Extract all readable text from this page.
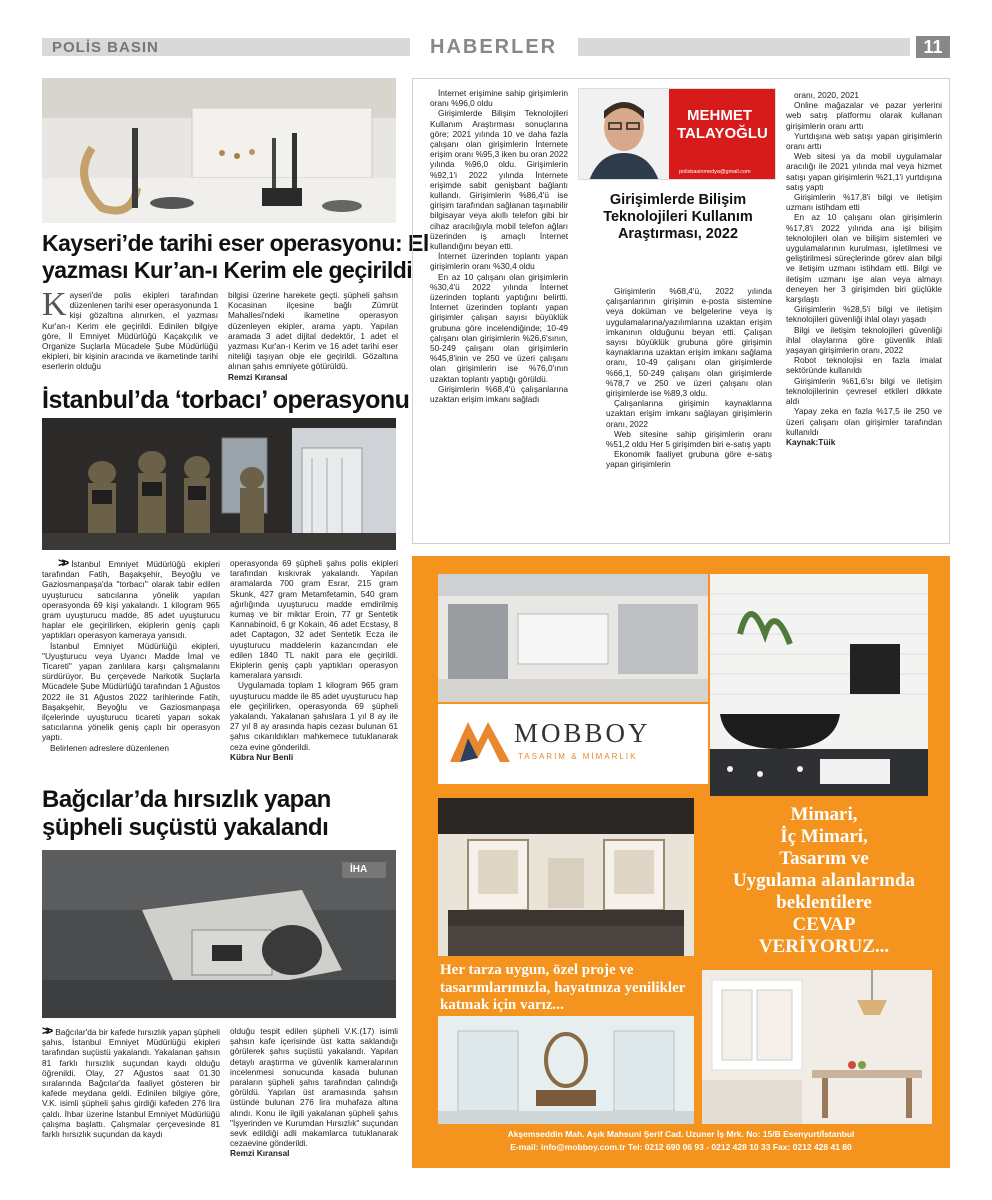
POLİS BASIN	HABERLER	11
Kayseri’de tarihi eser operasyonu: El
yazması Kur’an-ı Kerim ele geçirildi
K ayseri'de polis ekipleri tarafından düzenlenen tarihi eser operasyonunda 1 kişi gözaltına alınırken, el yazması Kur'an-ı Kerim ele geçirildi. Edinilen bilgiye göre, İl Emniyet Müdürlüğü Kaçakçılık ve Organize Suçlarla Mücadele Şube Müdürlüğü ekipleri, bir kişinin aracında ve ikametinde tarihi eserlerin olduğu
bilgisi üzerine harekete geçti. şüpheli şahsın Kocasinan ilçesine bağlı Zümrüt Mahallesi'ndeki ikametine operasyon düzenleyen ekipler, arama yaptı. Yapılan aramada 3 adet dijital dedektör, 1 adet el yazması Kur'an-ı Kerim ve 16 adet tarihi eser niteliği taşıyan obje ele geçirildi. Gözaltına alınan şahıs emniyete götürüldü.
Remzi Kıransal
İstanbul’da ‘torbacı’ operasyonu

>> İstanbul Emniyet Müdürlüğü ekipleri tarafından Fatih, Başakşehir, Beyoğlu ve Gaziosmanpaşa'da "torbacı" olarak tabir edilen uyuşturucu satıcılarına yönelik yapılan operasyonda 69 kişi yakalandı. 1 kilogram 965 gram uyuşturucu madde, 85 adet uyuşturucu haplar ele geçirilirken, ekiplerin geniş çaplı yaptıkları operasyon kameraya yansıdı.

İstanbul Emniyet Müdürlüğü ekipleri, "Uyuşturucu veya Uyarıcı Madde İmal ve Ticareti" yapan zanlılara karşı çalışmalarını sürdürüyor. Bu çerçevede Narkotik Suçlarla Mücadele Şube Müdürlüğü tarafından 1 Ağustos 2022 ile 31 Ağustos 2022 tarihlerinde Fatih, Başakşehir, Beyoğlu ve Gaziosmanpaşa ilçelerinde uyuşturucu ticareti yapan sokak satıcılarına yönelik geniş çaplı bir operasyon yaptı.

Belirlenen adreslere düzenlenen

operasyonda 69 şüpheli şahıs polis ekipleri tarafından kıskıvrak yakalandı. Yapılan aramalarda 700 gram Esrar, 215 gram Skunk, 427 gram Metamfetamin, 540 gram ağırlığında uyuşturucu madde emdirilmiş kumaş ve bir miktar Eroin, 77 gr Sentetik Kannabinoid, 6 gr Kokain, 46 adet Ecstasy, 8 adet Captagon, 32 adet Sentetik Ecza ile uyuşturucu maddelerin kazancından ele edilen 1840 TL nakit para ele geçirildi. Ekiplerin geniş çaplı yaptıkları operasyon kameralara yansıdı.

Uygulamada toplam 1 kilogram 965 gram uyuşturucu madde ile 85 adet uyuşturucu hap ele geçirilirken, operasyonda 69 şüpheli yakalandı. Yakalanan şahıslara 1 yıl 8 ay ile 27 yıl 8 ay arasında hapis cezası bulunan 61 şahıs cıkarıldıkları mahkemece tutuklanarak ceza evine gönderildi.

Kübra Nur Benli
Bağcılar’da hırsızlık yapan
şüpheli suçüstü yakalandı
İHA
>> Bağcılar'da bir kafede hırsızlık yapan şüpheli şahıs, İstanbul Emniyet Müdürlüğü ekipleri tarafından suçüstü yakalandı. Yakalanan şahsın 81 farklı hırsızlık suçundan kaydı olduğu öğrenildi. Olay, 27 Ağustos saat 01.30 sıralarında Bağcılar'da faaliyet gösteren bir kafede meydana geldi. Edinilen bilgiye göre, V.K. isimli şüpheli şahıs girdiği kafeden 276 lira çaldı. İhbar üzerine İstanbul Emniyet Müdürlüğü çalışma başlattı. Çalışmalar çerçevesinde 81 farklı hırsızlık suçundan da kaydı
olduğu tespit edilen şüpheli V.K.(17) isimli şahsın kafe içerisinde üst katta saklandığı görülerek şahıs suçüstü yakalandı. Yapılan detaylı araştırma ve güvenlik kameralarının incelenmesi sonucunda kasada bulunan paraların şüpheli şahıs tarafından çalındığı görüldü. Yapılan üst aramasında şahsın üstünde bulunan 276 lira muhafaza altına alındı. Konu ile ilgili yakalanan şüpheli şahıs "İşyerinden ve Kurumdan Hırsızlık" suçundan sevk edildiği adli makamlarca tutuklanarak cezaevine gönderildi.
Remzi Kıransal

İnternet erişimine sahip girişimlerin oranı %96,0 oldu

Girişimlerde Bilişim Teknolojileri Kullanım Araştırması sonuçlarına göre; 2021 yılında 10 ve daha fazla çalışanı olan girişimlerin İnternete erişim oranı %95,3 iken bu oran 2022 yılında %96,0 oldu. Girişimlerin %92,1'i 2022 yılında İnternete erişimde sabit genişbant bağlantı kullandı. Girişimlerin %86,4'ü ise girişim tarafından sağlanan taşınabilir bilgisayar veya akıllı telefon gibi bir cihaz aracılığıyla mobil telefon ağları üzerinden iş amaçlı İnternet kullandığını beyan etti.

İnternet üzerinden toplantı yapan girişimlerin oranı %30,4 oldu

En az 10 çalışanı olan girişimlerin %30,4'ü 2022 yılında İnternet üzerinden toplantı yaptığını belirtti. İnternet üzerinden toplantı yapan girişimler çalışan sayısı büyüklük grubuna göre incelendiğinde; 10-49 çalışanı olan girişimlerin %26,6'sının, 50-249 çalışanı olan girişimlerin %45,8'inin ve 250 ve üzeri çalışanı olan girişimlerin ise %76,0'ının uzaktan toplantı yaptığı görüldü.

Girişimlerin %68,4'ü çalışanlarına uzaktan erişim imkanı sağladı

MALİ MÜŞAVİR
MEHMET
TALAYOĞLU
polisbasinmedya@gmail.com
Girişimlerde Bilişim Teknolojileri Kullanım Araştırması, 2022

Girişimlerin %68,4'ü, 2022 yılında çalışanlarının girişimin e-posta sistemine veya doküman ve belgelerine veya iş uygulamalarına/yazılımlarına uzaktan erişim imkanının olduğunu beyan etti. Çalışan sayısı büyüklük grubuna göre girişimin kaynaklarına uzaktan erişim imkanı sağlama oranı, 10-49 çalışanı olan girişimlerde %66,1, 50-249 çalışanı olan girişimlerde %78,7 ve 250 ve üzeri çalışanı olan girişimlerde ise %89,3 oldu.

Çalışanlarına girişimin kaynaklarına uzaktan erişim imkanı sağlayan girişimlerin oranı, 2022

Web sitesine sahip girişimlerin oranı %51,2 oldu Her 5 girişimden biri e-satış yaptı

Ekonomik faaliyet grubuna göre e-satış yapan girişimlerin

oranı, 2020, 2021

Online mağazalar ve pazar yerlerini web satış platformu olarak kullanan girişimlerin oranı arttı

Yurtdışına web satışı yapan girişimlerin oranı arttı

Web sitesi ya da mobil uygulamalar aracılığı ile 2021 yılında mal veya hizmet satışı yapan girişimlerin %21,1'i yurtdışına satış yaptı

Girişimlerin %17,8'i bilgi ve iletişim uzmanı istihdam etti

En az 10 çalışanı olan girişimlerin %17,8'i 2022 yılında ana işi bilişim teknolojileri olan ve bilişim sistemleri ve uygulamalarının kurulması, işletilmesi ve geliştirilmesi süreçlerinde görev alan bilgi ve iletişim uzmanı istihdam etti. Bilgi ve iletişim uzmanı işe alan veya almayı deneyen her 3 girişimden biri güçlükle karşılaştı

Girişimlerin %28,5'i bilgi ve iletişim teknolojileri güvenliği ihlal olayı yaşadı

Bilgi ve iletişim teknolojileri güvenliği ihlal olaylarına göre güvenlik ihlali yaşayan girişimlerin oranı, 2022

Robot teknolojisi en fazla imalat sektöründe kullanıldı

Girişimlerin %61,6'sı bilgi ve iletişim teknolojilerinin çevresel etkileri dikkate aldı

Yapay zeka en fazla %17,5 ile 250 ve üzeri çalışanı olan girişimler tarafından kullanıldı

Kaynak:Tüik
MOBBOY
TASARIM & MİMARLIK
Mimari,
İç Mimari,
Tasarım ve
Uygulama alanlarında
beklentilere
CEVAP
VERİYORUZ...
Her tarza uygun, özel proje ve tasarımlarımızla, hayatınıza yenilikler katmak için varız...
Akşemseddin Mah. Aşık Mahsuni Şerif Cad. Uzuner İş Mrk. No: 15/B Esenyurt/İstanbul
E-mail: info@mobboy.com.tr Tel: 0212 690 06 93 - 0212 428 10 33 Fax: 0212 428 41 80
